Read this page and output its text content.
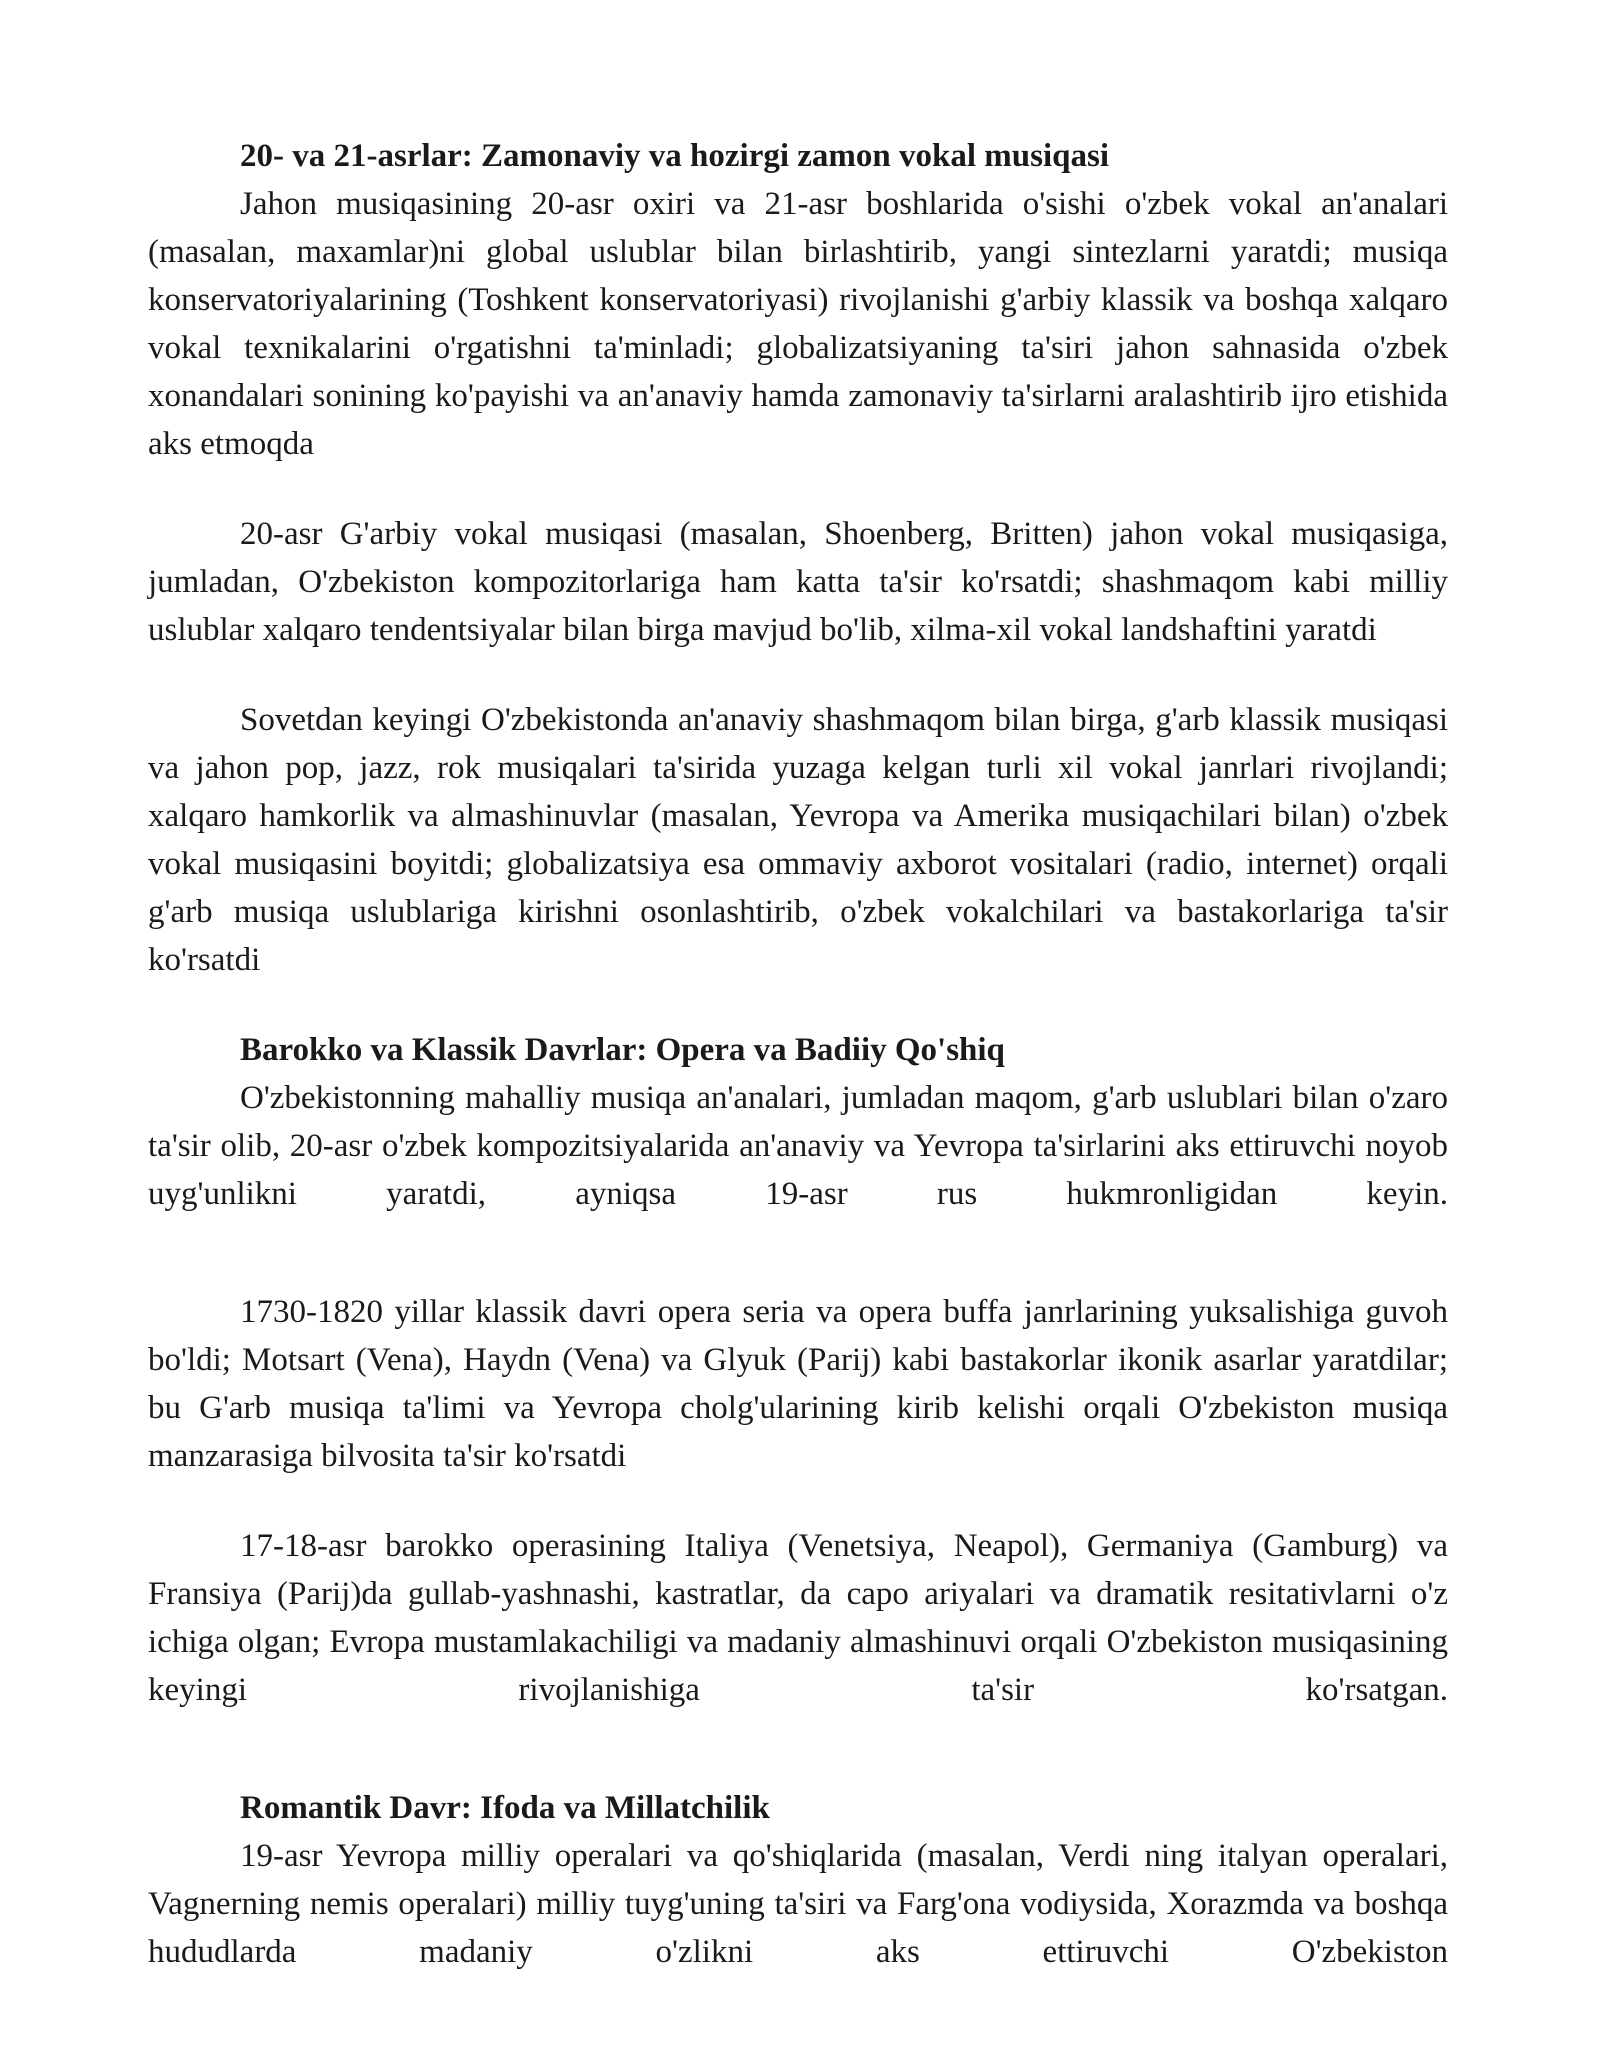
20- va 21-asrlar: Zamonaviy va hozirgi zamon vokal musiqasi

Jahon musiqasining 20-asr oxiri va 21-asr boshlarida o'sishi o'zbek vokal an'analari (masalan, maxamlar)ni global uslublar bilan birlashtirib, yangi sintezlarni yaratdi; musiqa konservatoriyalarining (Toshkent konservatoriyasi) rivojlanishi g'arbiy klassik va boshqa xalqaro vokal texnikalarini o'rgatishni ta'minladi; globalizatsiyaning ta'siri jahon sahnasida o'zbek xonandalari sonining ko'payishi va an'anaviy hamda zamonaviy ta'sirlarni aralashtirib ijro etishida aks etmoqda

20-asr G'arbiy vokal musiqasi (masalan, Shoenberg, Britten) jahon vokal musiqasiga, jumladan, O'zbekiston kompozitorlariga ham katta ta'sir ko'rsatdi; shashmaqom kabi milliy uslublar xalqaro tendentsiyalar bilan birga mavjud bo'lib, xilma-xil vokal landshaftini yaratdi

Sovetdan keyingi O'zbekistonda an'anaviy shashmaqom bilan birga, g'arb klassik musiqasi va jahon pop, jazz, rok musiqalari ta'sirida yuzaga kelgan turli xil vokal janrlari rivojlandi; xalqaro hamkorlik va almashinuvlar (masalan, Yevropa va Amerika musiqachilari bilan) o'zbek vokal musiqasini boyitdi; globalizatsiya esa ommaviy axborot vositalari (radio, internet) orqali g'arb musiqa uslublariga kirishni osonlashtirib, o'zbek vokalchilari va bastakorlariga ta'sir ko'rsatdi

Barokko va Klassik Davrlar: Opera va Badiiy Qo'shiq

O'zbekistonning mahalliy musiqa an'analari, jumladan maqom, g'arb uslublari bilan o'zaro ta'sir olib, 20-asr o'zbek kompozitsiyalarida an'anaviy va Yevropa ta'sirlarini aks ettiruvchi noyob uyg'unlikni yaratdi, ayniqsa 19-asr rus hukmronligidan keyin.

1730-1820 yillar klassik davri opera seria va opera buffa janrlarining yuksalishiga guvoh bo'ldi; Motsart (Vena), Haydn (Vena) va Glyuk (Parij) kabi bastakorlar ikonik asarlar yaratdilar; bu G'arb musiqa ta'limi va Yevropa cholg'ularining kirib kelishi orqali O'zbekiston musiqa manzarasiga bilvosita ta'sir ko'rsatdi

17-18-asr barokko operasining Italiya (Venetsiya, Neapol), Germaniya (Gamburg) va Fransiya (Parij)da gullab-yashnashi, kastratlar, da capo ariyalari va dramatik resitativlarni o'z ichiga olgan; Evropa mustamlakachiligi va madaniy almashinuvi orqali O'zbekiston musiqasining keyingi rivojlanishiga ta'sir ko'rsatgan.

Romantik Davr: Ifoda va Millatchilik

19-asr Yevropa milliy operalari va qo'shiqlarida (masalan, Verdi ning italyan operalari, Vagnerning nemis operalari) milliy tuyg'uning ta'siri va Farg'ona vodiysida, Xorazmda va boshqa hududlarda madaniy o'zlikni aks ettiruvchi O'zbekiston
